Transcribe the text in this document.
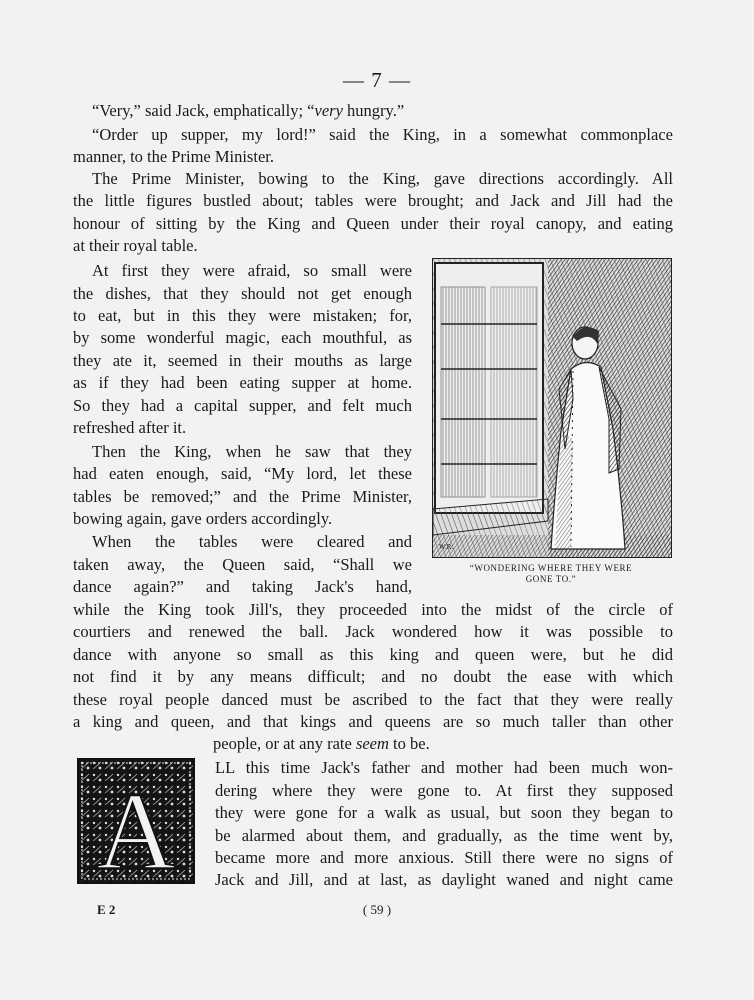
— 7 —
“Very,” said Jack, emphatically; “very hungry.”
“Order up supper, my lord!” said the King, in a somewhat commonplace
manner, to the Prime Minister.
The Prime Minister, bowing to the King, gave directions accordingly. All
the little figures bustled about; tables were brought; and Jack and Jill had the
honour of sitting by the King and Queen under their royal canopy, and eating
at their royal table.
At first they were afraid, so small were
the dishes, that they should not get enough
to eat, but in this they were mistaken; for,
by some wonderful magic, each mouthful, as
they ate it, seemed in their mouths as large
as if they had been eating supper at home.
So they had a capital supper, and felt much
refreshed after it.
Then the King, when he saw that they
had eaten enough, said, “My lord, let these
tables be removed;” and the Prime Minister,
bowing again, gave orders accordingly.
When the tables were cleared and
taken away, the Queen said, “Shall we
dance again?” and taking Jack's hand,
while the King took Jill's, they proceeded into the midst of the circle of
courtiers and renewed the ball. Jack wondered how it was possible to
dance with anyone so small as this king and queen were, but he did
not find it by any means difficult; and no doubt the ease with which
these royal people danced must be ascribed to the fact that they were really
a king and queen, and that kings and queens are so much taller than other
people, or at any rate seem to be.
LL this time Jack's father and mother had been much won-
dering where they were gone to. At first they supposed
they were gone for a walk as usual, but soon they began to
be alarmed about them, and gradually, as the time went by,
became more and more anxious. Still there were no signs of
Jack and Jill, and at last, as daylight waned and night came
W.R.
“WONDERING WHERE THEY WERE
GONE TO.”
A
E 2	( 59 )
